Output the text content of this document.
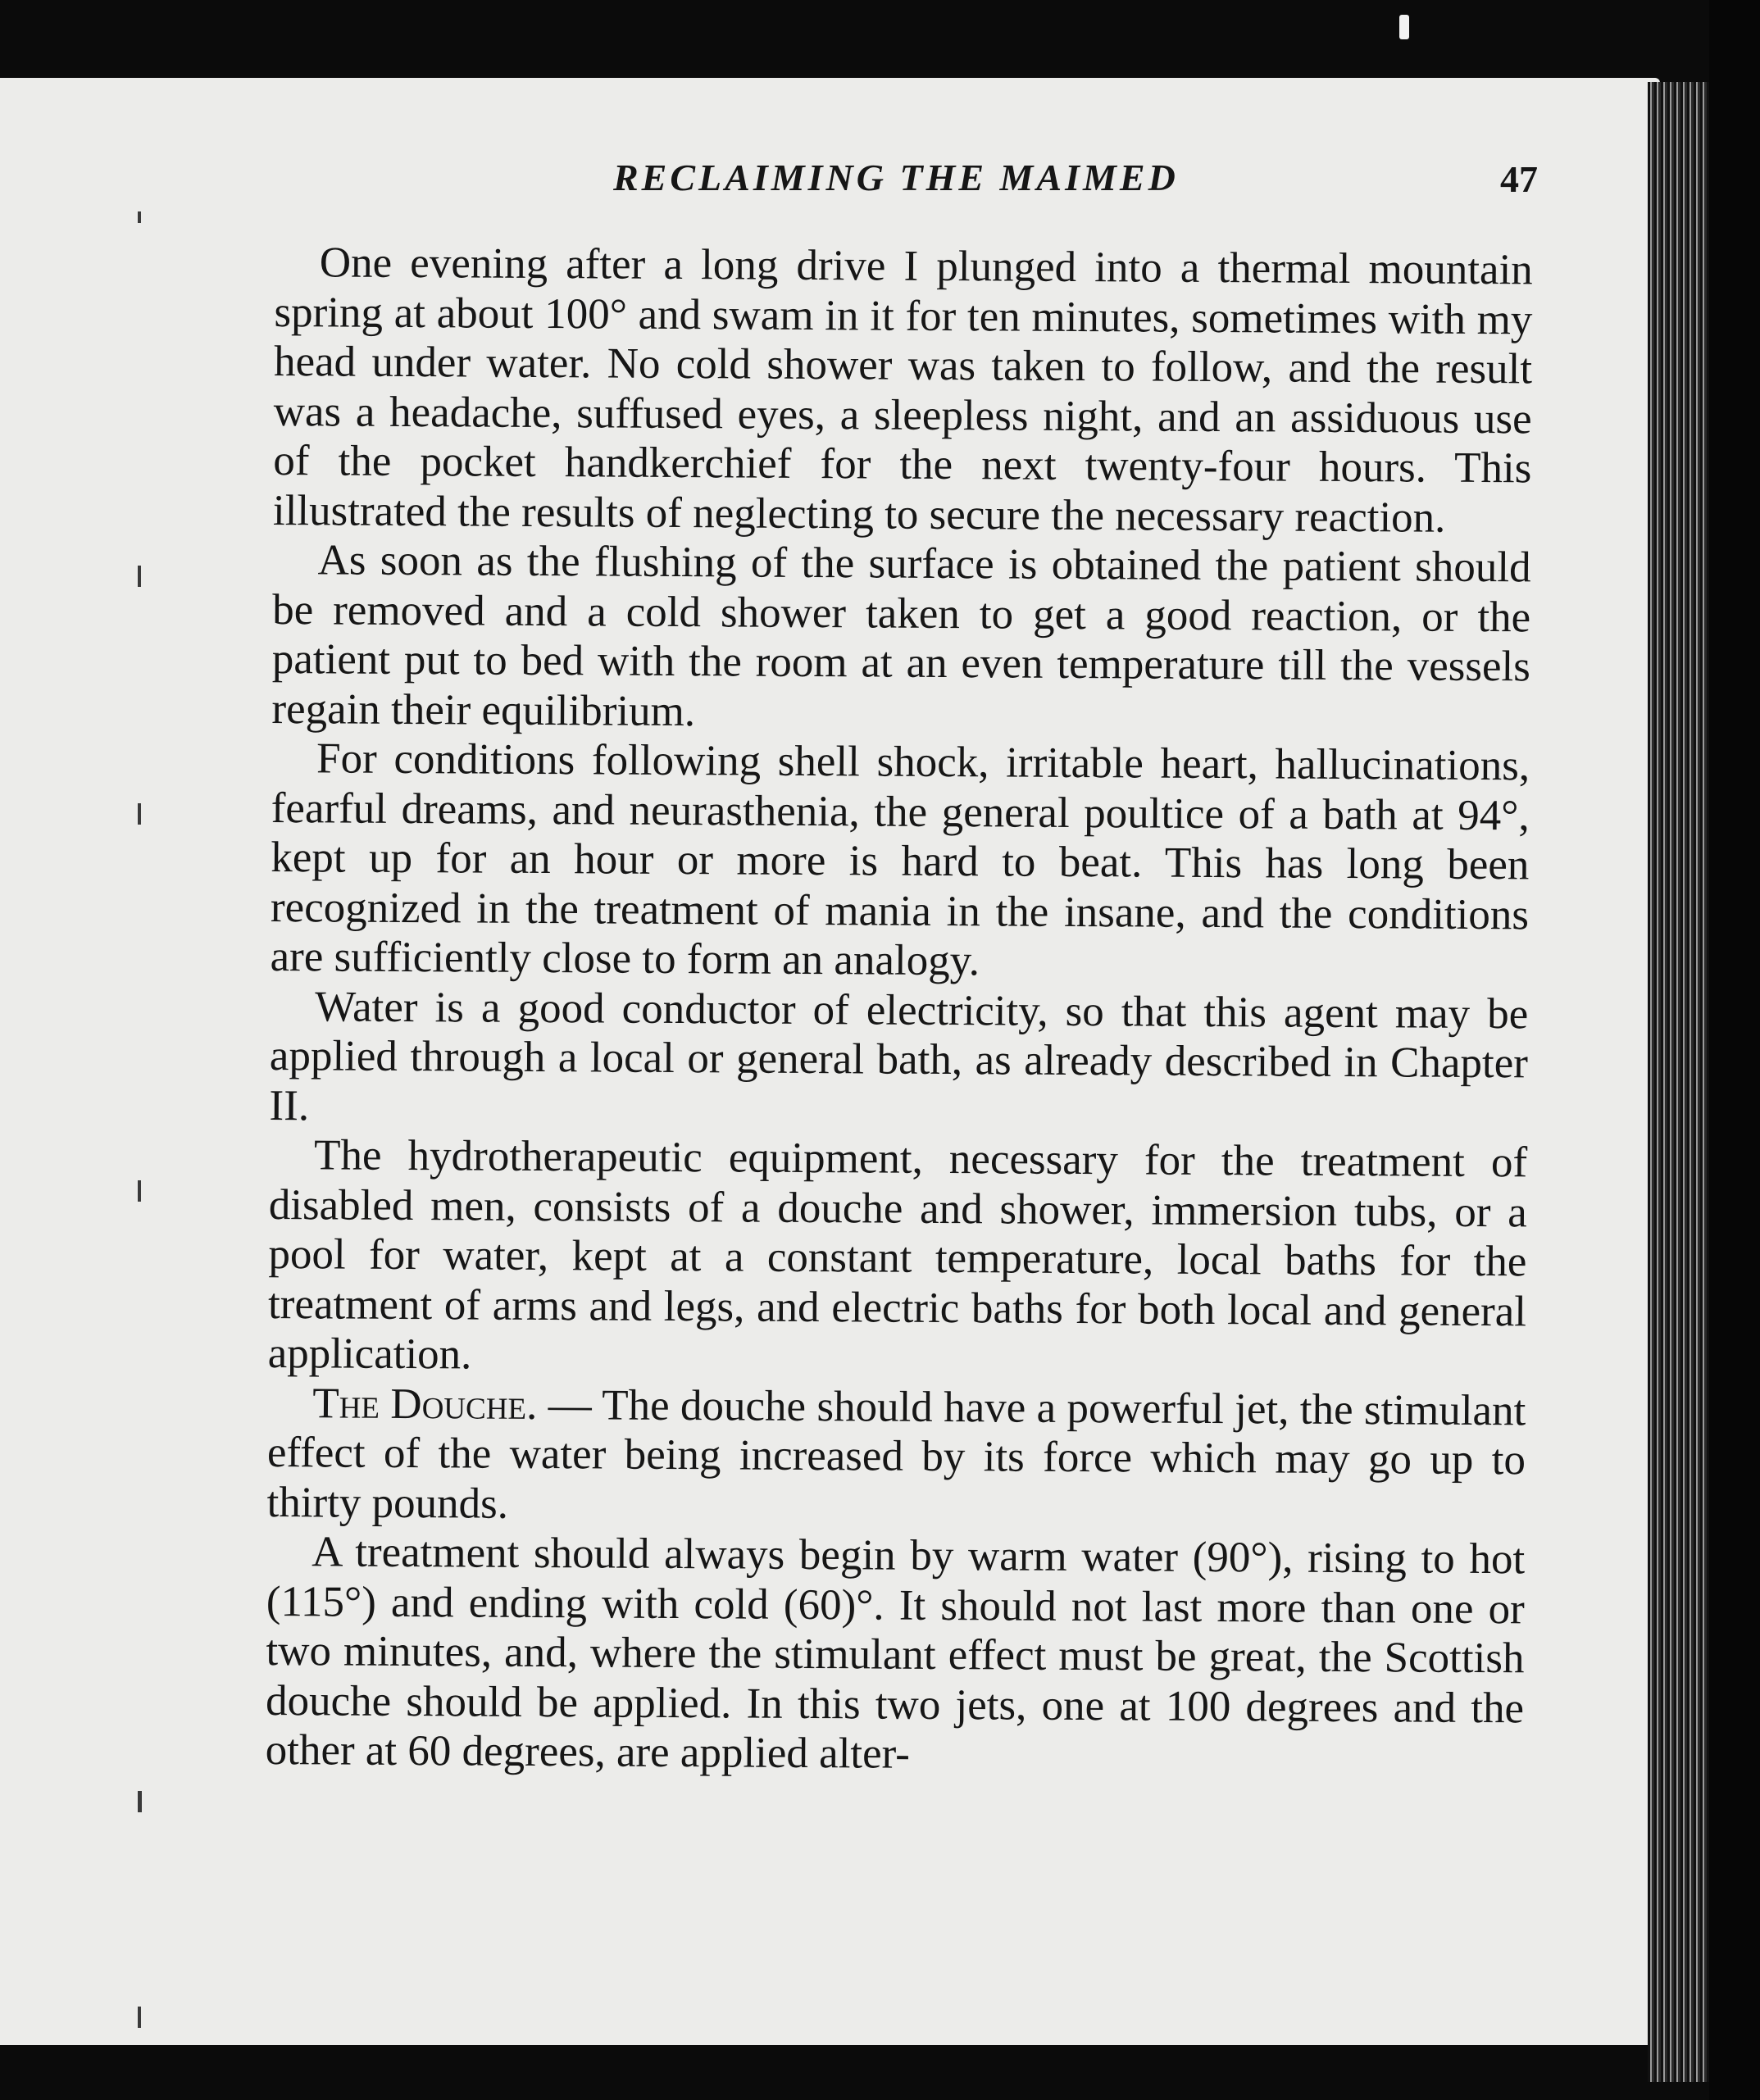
RECLAIMING THE MAIMED	47

One evening after a long drive I plunged into a thermal mountain spring at about 100° and swam in it for ten minutes, sometimes with my head under water. No cold shower was taken to follow, and the result was a headache, suffused eyes, a sleepless night, and an assiduous use of the pocket handkerchief for the next twenty-four hours. This illustrated the results of neglecting to secure the necessary reaction.

As soon as the flushing of the surface is obtained the patient should be removed and a cold shower taken to get a good reaction, or the patient put to bed with the room at an even temperature till the vessels regain their equilibrium.

For conditions following shell shock, irritable heart, hallucinations, fearful dreams, and neurasthenia, the general poultice of a bath at 94°, kept up for an hour or more is hard to beat. This has long been recognized in the treatment of mania in the insane, and the conditions are sufficiently close to form an analogy.

Water is a good conductor of electricity, so that this agent may be applied through a local or general bath, as already described in Chapter II.

The hydrotherapeutic equipment, necessary for the treatment of disabled men, consists of a douche and shower, immersion tubs, or a pool for water, kept at a constant temperature, local baths for the treatment of arms and legs, and electric baths for both local and general application.

The Douche. — The douche should have a powerful jet, the stimulant effect of the water being increased by its force which may go up to thirty pounds.

A treatment should always begin by warm water (90°), rising to hot (115°) and ending with cold (60)°. It should not last more than one or two minutes, and, where the stimulant effect must be great, the Scottish douche should be applied. In this two jets, one at 100 degrees and the other at 60 degrees, are applied alter-
